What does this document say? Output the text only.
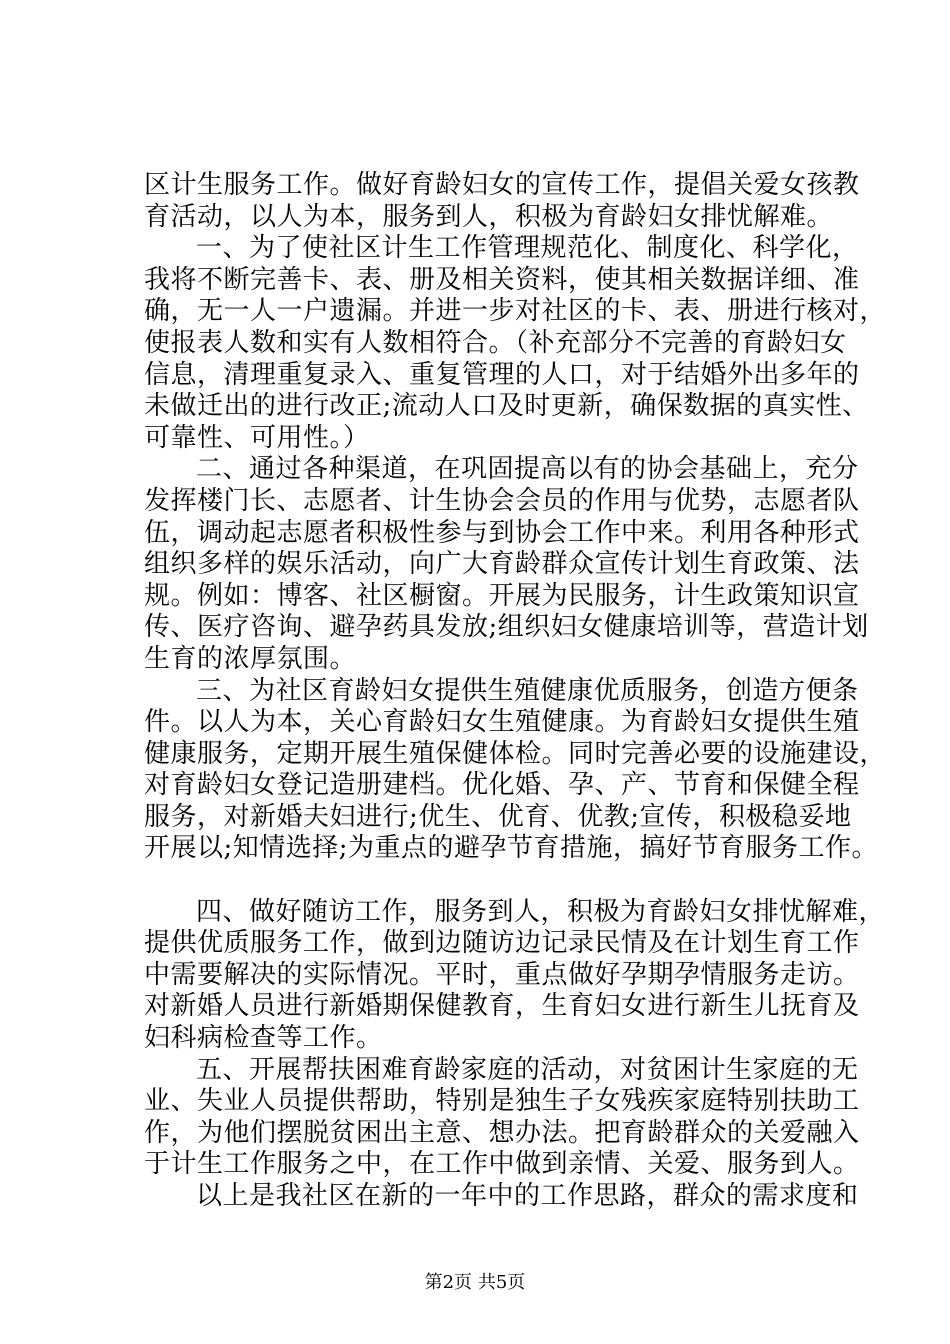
区计生服务工作。做好育龄妇女的宣传工作，提倡关爱女孩教
育活动，以人为本，服务到人，积极为育龄妇女排忧解难。
一、为了使社区计生工作管理规范化、制度化、科学化，
我将不断完善卡、表、册及相关资料，使其相关数据详细、准
确，无一人一户遗漏。并进一步对社区的卡、表、册进行核对，
使报表人数和实有人数相符合。（补充部分不完善的育龄妇女
信息，清理重复录入、重复管理的人口，对于结婚外出多年的
未做迁出的进行改正;流动人口及时更新，确保数据的真实性、
可靠性、可用性。）
二、通过各种渠道，在巩固提高以有的协会基础上，充分
发挥楼门长、志愿者、计生协会会员的作用与优势，志愿者队
伍，调动起志愿者积极性参与到协会工作中来。利用各种形式
组织多样的娱乐活动，向广大育龄群众宣传计划生育政策、法
规。例如：博客、社区橱窗。开展为民服务，计生政策知识宣
传、医疗咨询、避孕药具发放;组织妇女健康培训等，营造计划
生育的浓厚氛围。
三、为社区育龄妇女提供生殖健康优质服务，创造方便条
件。以人为本，关心育龄妇女生殖健康。为育龄妇女提供生殖
健康服务，定期开展生殖保健体检。同时完善必要的设施建设，
对育龄妇女登记造册建档。优化婚、孕、产、节育和保健全程
服务，对新婚夫妇进行;优生、优育、优教;宣传，积极稳妥地
开展以;知情选择;为重点的避孕节育措施，搞好节育服务工作。
四、做好随访工作，服务到人，积极为育龄妇女排忧解难，
提供优质服务工作，做到边随访边记录民情及在计划生育工作
中需要解决的实际情况。平时，重点做好孕期孕情服务走访。
对新婚人员进行新婚期保健教育，生育妇女进行新生儿抚育及
妇科病检查等工作。
五、开展帮扶困难育龄家庭的活动，对贫困计生家庭的无
业、失业人员提供帮助，特别是独生子女残疾家庭特别扶助工
作，为他们摆脱贫困出主意、想办法。把育龄群众的关爱融入
于计生工作服务之中，在工作中做到亲情、关爱、服务到人。
以上是我社区在新的一年中的工作思路，群众的需求度和
第2页 共5页
